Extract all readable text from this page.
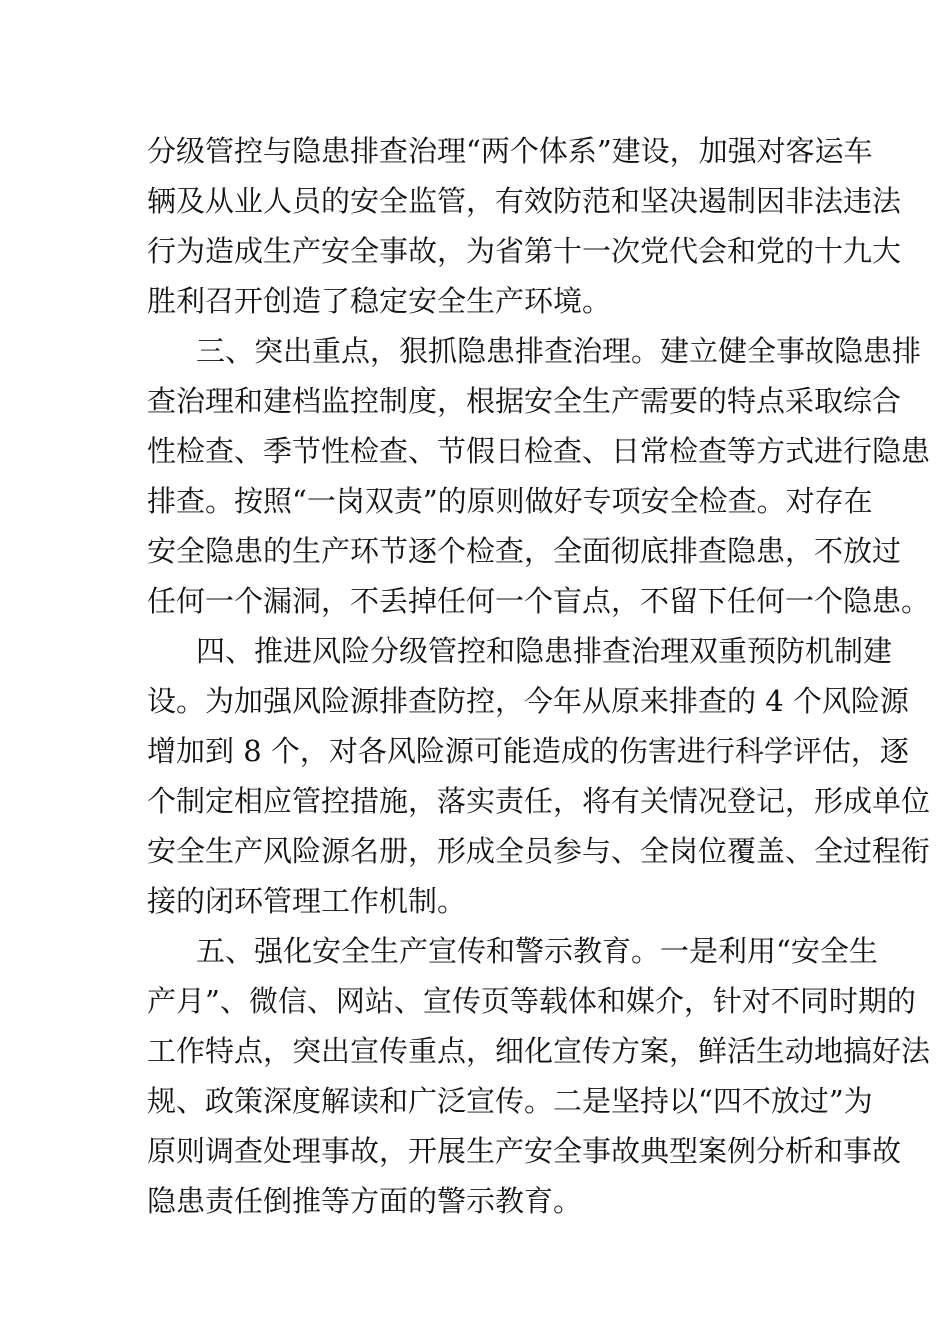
分级管控与隐患排查治理“两个体系”建设，加强对客运车
辆及从业人员的安全监管，有效防范和坚决遏制因非法违法
行为造成生产安全事故，为省第十一次党代会和党的十九大
胜利召开创造了稳定安全生产环境。
三、突出重点，狠抓隐患排查治理。建立健全事故隐患排
查治理和建档监控制度，根据安全生产需要的特点采取综合
性检查、季节性检查、节假日检查、日常检查等方式进行隐患
排查。按照“一岗双责”的原则做好专项安全检查。对存在
安全隐患的生产环节逐个检查，全面彻底排查隐患，不放过
任何一个漏洞，不丢掉任何一个盲点，不留下任何一个隐患。
四、推进风险分级管控和隐患排查治理双重预防机制建
设。为加强风险源排查防控，今年从原来排查的 4 个风险源
增加到 8 个，对各风险源可能造成的伤害进行科学评估，逐
个制定相应管控措施，落实责任，将有关情况登记，形成单位
安全生产风险源名册，形成全员参与、全岗位覆盖、全过程衔
接的闭环管理工作机制。
五、强化安全生产宣传和警示教育。一是利用“安全生
产月”、微信、网站、宣传页等载体和媒介，针对不同时期的
工作特点，突出宣传重点，细化宣传方案，鲜活生动地搞好法
规、政策深度解读和广泛宣传。二是坚持以“四不放过”为
原则调查处理事故，开展生产安全事故典型案例分析和事故
隐患责任倒推等方面的警示教育。
